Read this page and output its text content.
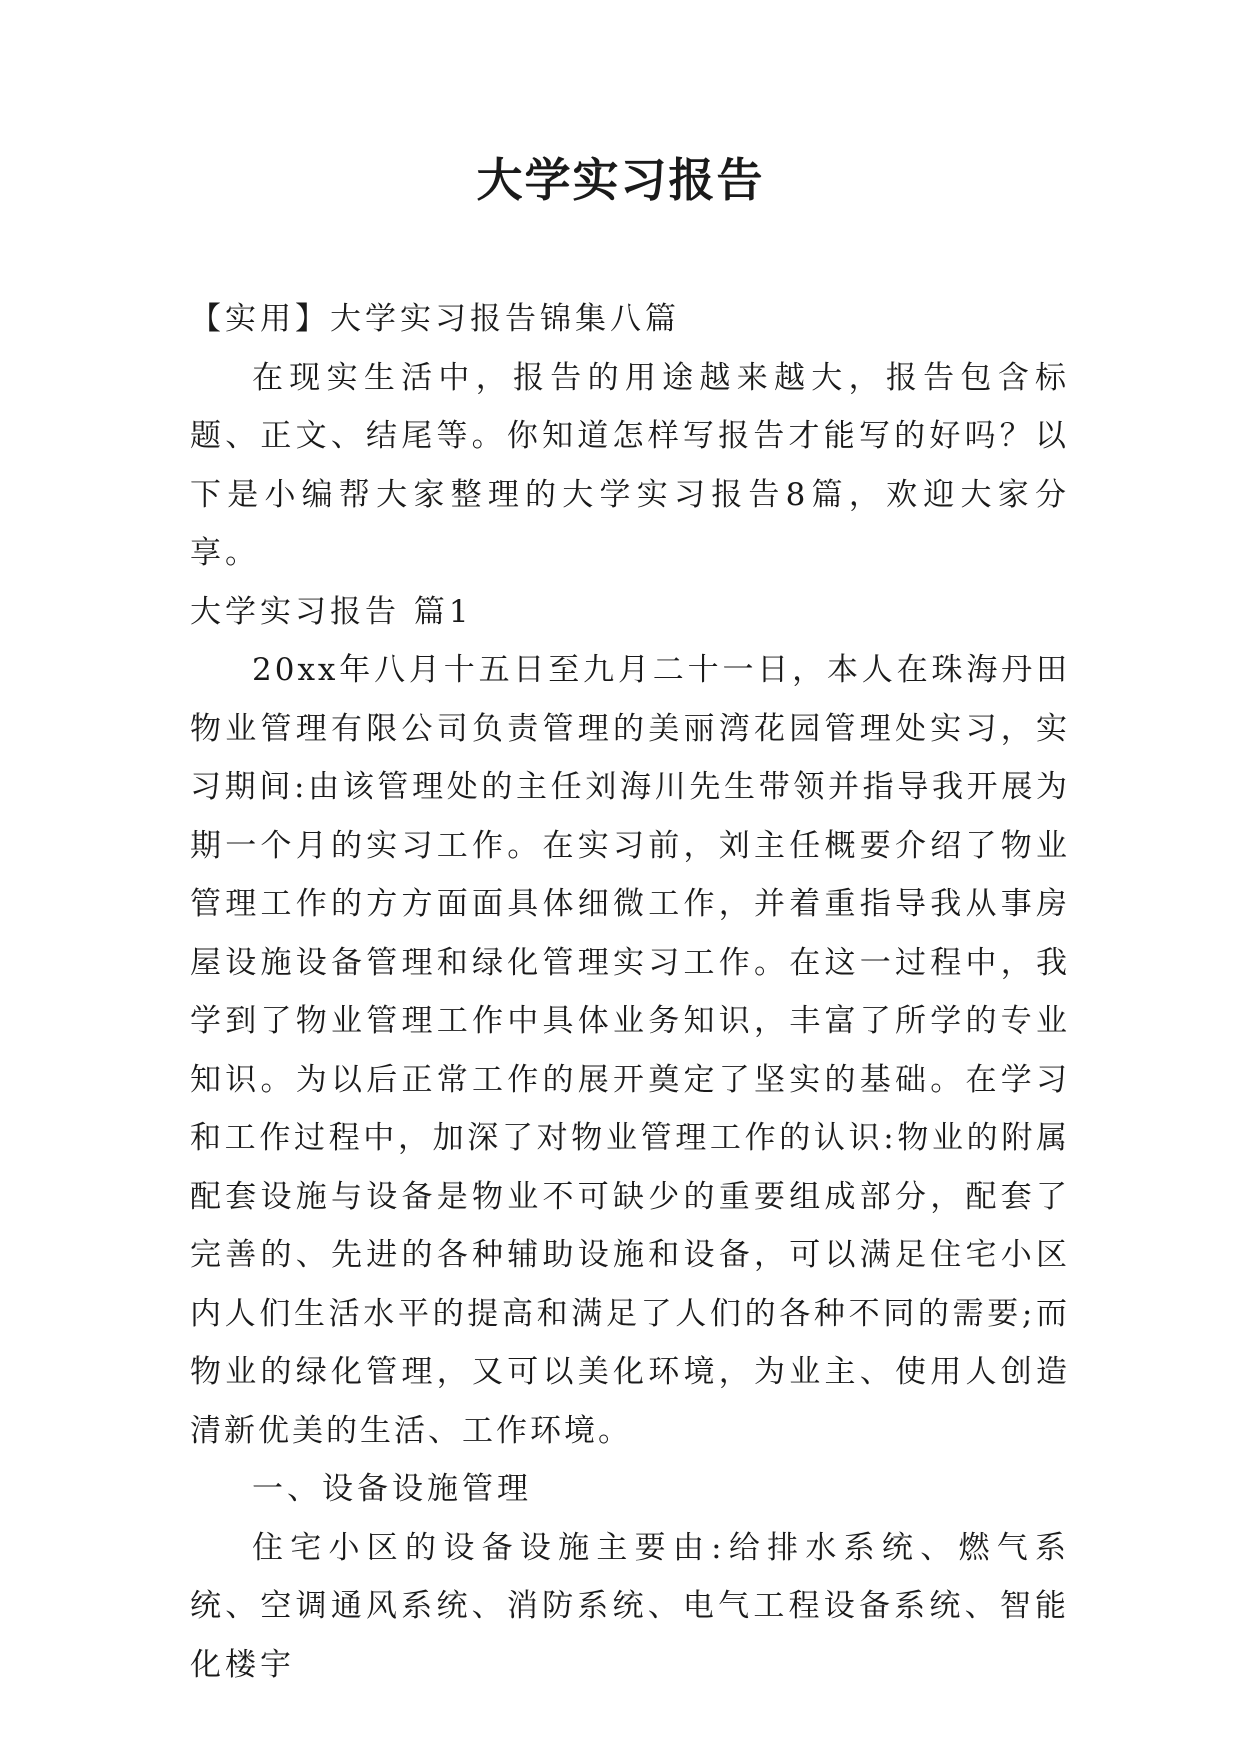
大学实习报告

【实用】大学实习报告锦集八篇

在现实生活中，报告的用途越来越大，报告包含标题、正文、结尾等。你知道怎样写报告才能写的好吗？以下是小编帮大家整理的大学实习报告8篇，欢迎大家分享。

大学实习报告 篇1

20xx年八月十五日至九月二十一日，本人在珠海丹田物业管理有限公司负责管理的美丽湾花园管理处实习，实习期间:由该管理处的主任刘海川先生带领并指导我开展为期一个月的实习工作。在实习前，刘主任概要介绍了物业管理工作的方方面面具体细微工作，并着重指导我从事房屋设施设备管理和绿化管理实习工作。在这一过程中，我学到了物业管理工作中具体业务知识，丰富了所学的专业知识。为以后正常工作的展开奠定了坚实的基础。在学习和工作过程中，加深了对物业管理工作的认识:物业的附属配套设施与设备是物业不可缺少的重要组成部分，配套了完善的、先进的各种辅助设施和设备，可以满足住宅小区内人们生活水平的提高和满足了人们的各种不同的需要;而物业的绿化管理，又可以美化环境，为业主、使用人创造清新优美的生活、工作环境。

一、设备设施管理

住宅小区的设备设施主要由:给排水系统、燃气系统、空调通风系统、消防系统、电气工程设备系统、智能化楼宇
